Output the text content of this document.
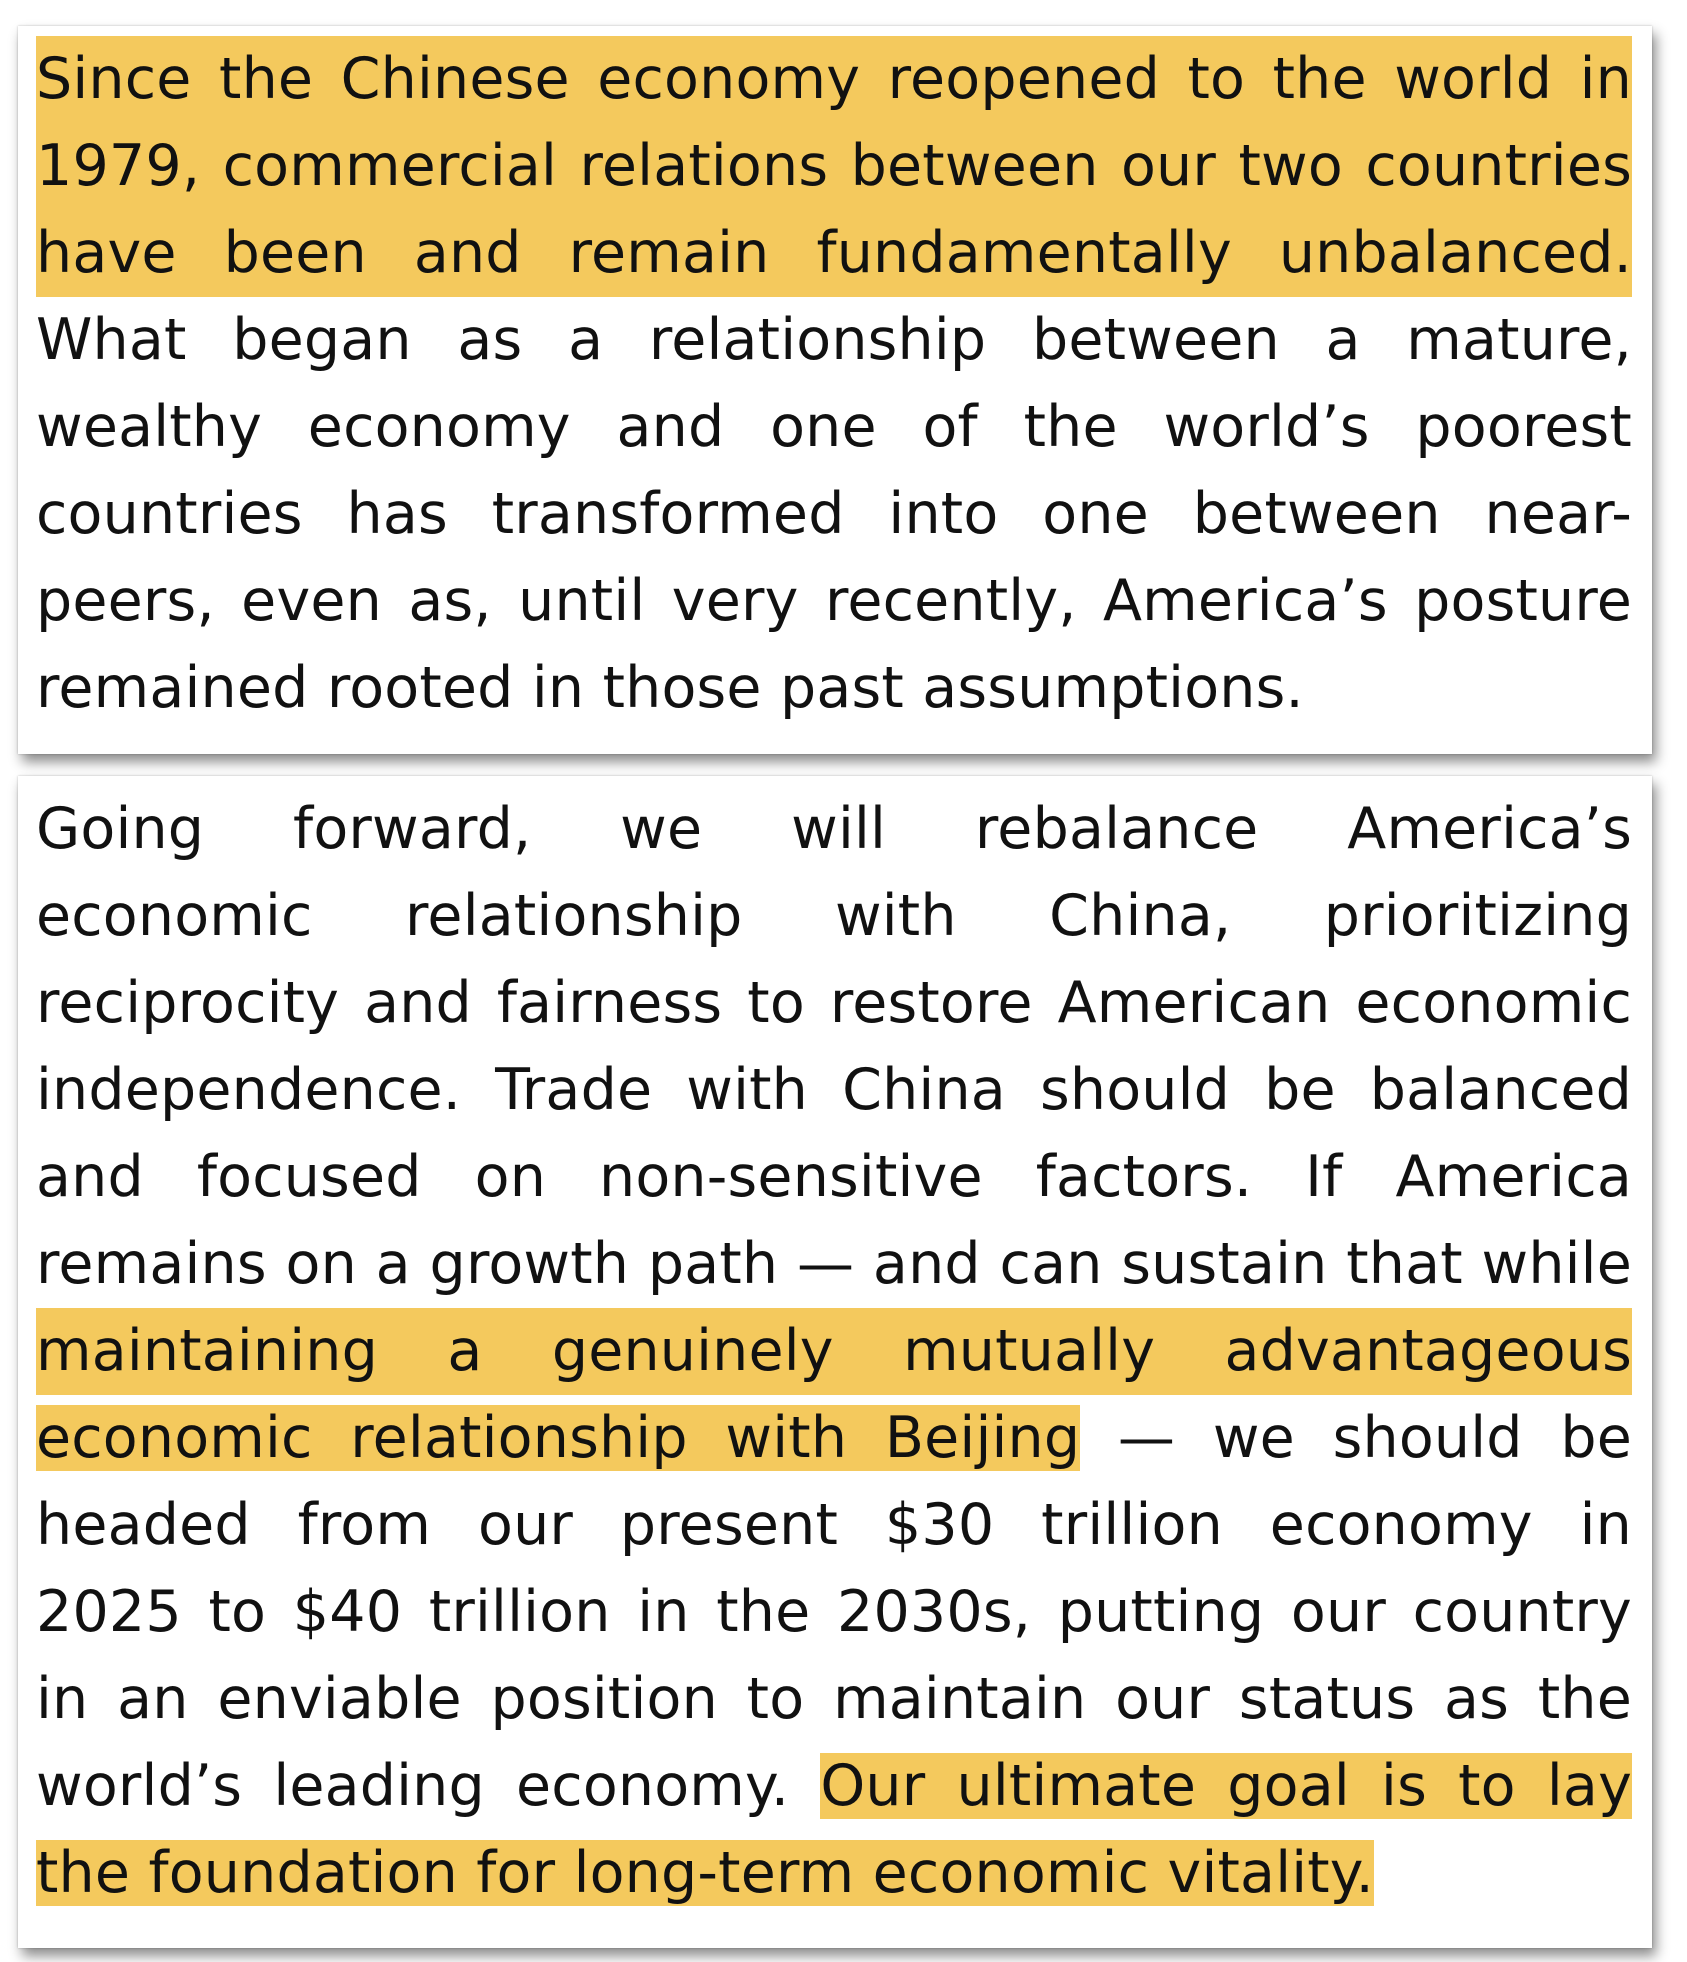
Since the Chinese economy reopened to the world in
1979, commercial relations between our two countries
have been and remain fundamentally unbalanced.
What began as a relationship between a mature,
wealthy economy and one of the world’s poorest
countries has transformed into one between near-
peers, even as, until very recently, America’s posture
remained rooted in those past assumptions.
Going forward, we will rebalance America’s
economic relationship with China, prioritizing
reciprocity and fairness to restore American economic
independence. Trade with China should be balanced
and focused on non-sensitive factors. If America
remains on a growth path — and can sustain that while
maintaining a genuinely mutually advantageous
economic relationship with Beijing — we should be
headed from our present $30 trillion economy in
2025 to $40 trillion in the 2030s, putting our country
in an enviable position to maintain our status as the
world’s leading economy. Our ultimate goal is to lay
the foundation for long-term economic vitality.
